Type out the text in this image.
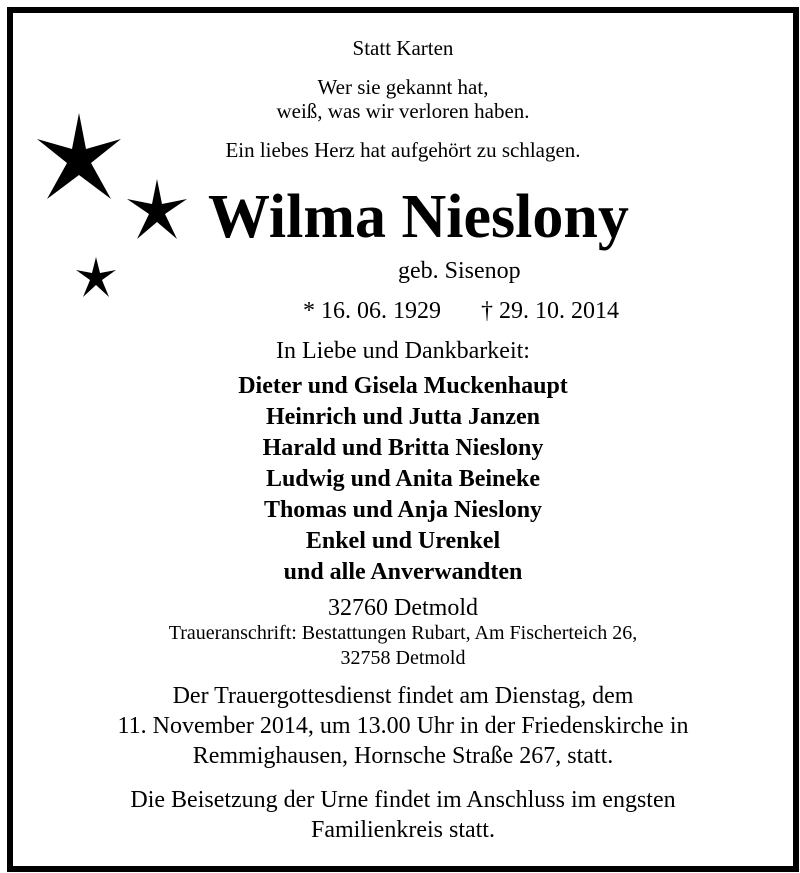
Statt Karten
Wer sie gekannt hat,
weiß, was wir verloren haben.
Ein liebes Herz hat aufgehört zu schlagen.
Wilma Nieslony
geb. Sisenop
* 16. 06. 1929 † 29. 10. 2014
In Liebe und Dankbarkeit:
Dieter und Gisela Muckenhaupt
Heinrich und Jutta Janzen
Harald und Britta Nieslony
Ludwig und Anita Beineke
Thomas und Anja Nieslony
Enkel und Urenkel
und alle Anverwandten
32760 Detmold
Traueranschrift: Bestattungen Rubart, Am Fischerteich 26,
32758 Detmold
Der Trauergottesdienst findet am Dienstag, dem
11. November 2014, um 13.00 Uhr in der Friedenskirche in
Remmighausen, Hornsche Straße 267, statt.
Die Beisetzung der Urne findet im Anschluss im engsten
Familienkreis statt.
